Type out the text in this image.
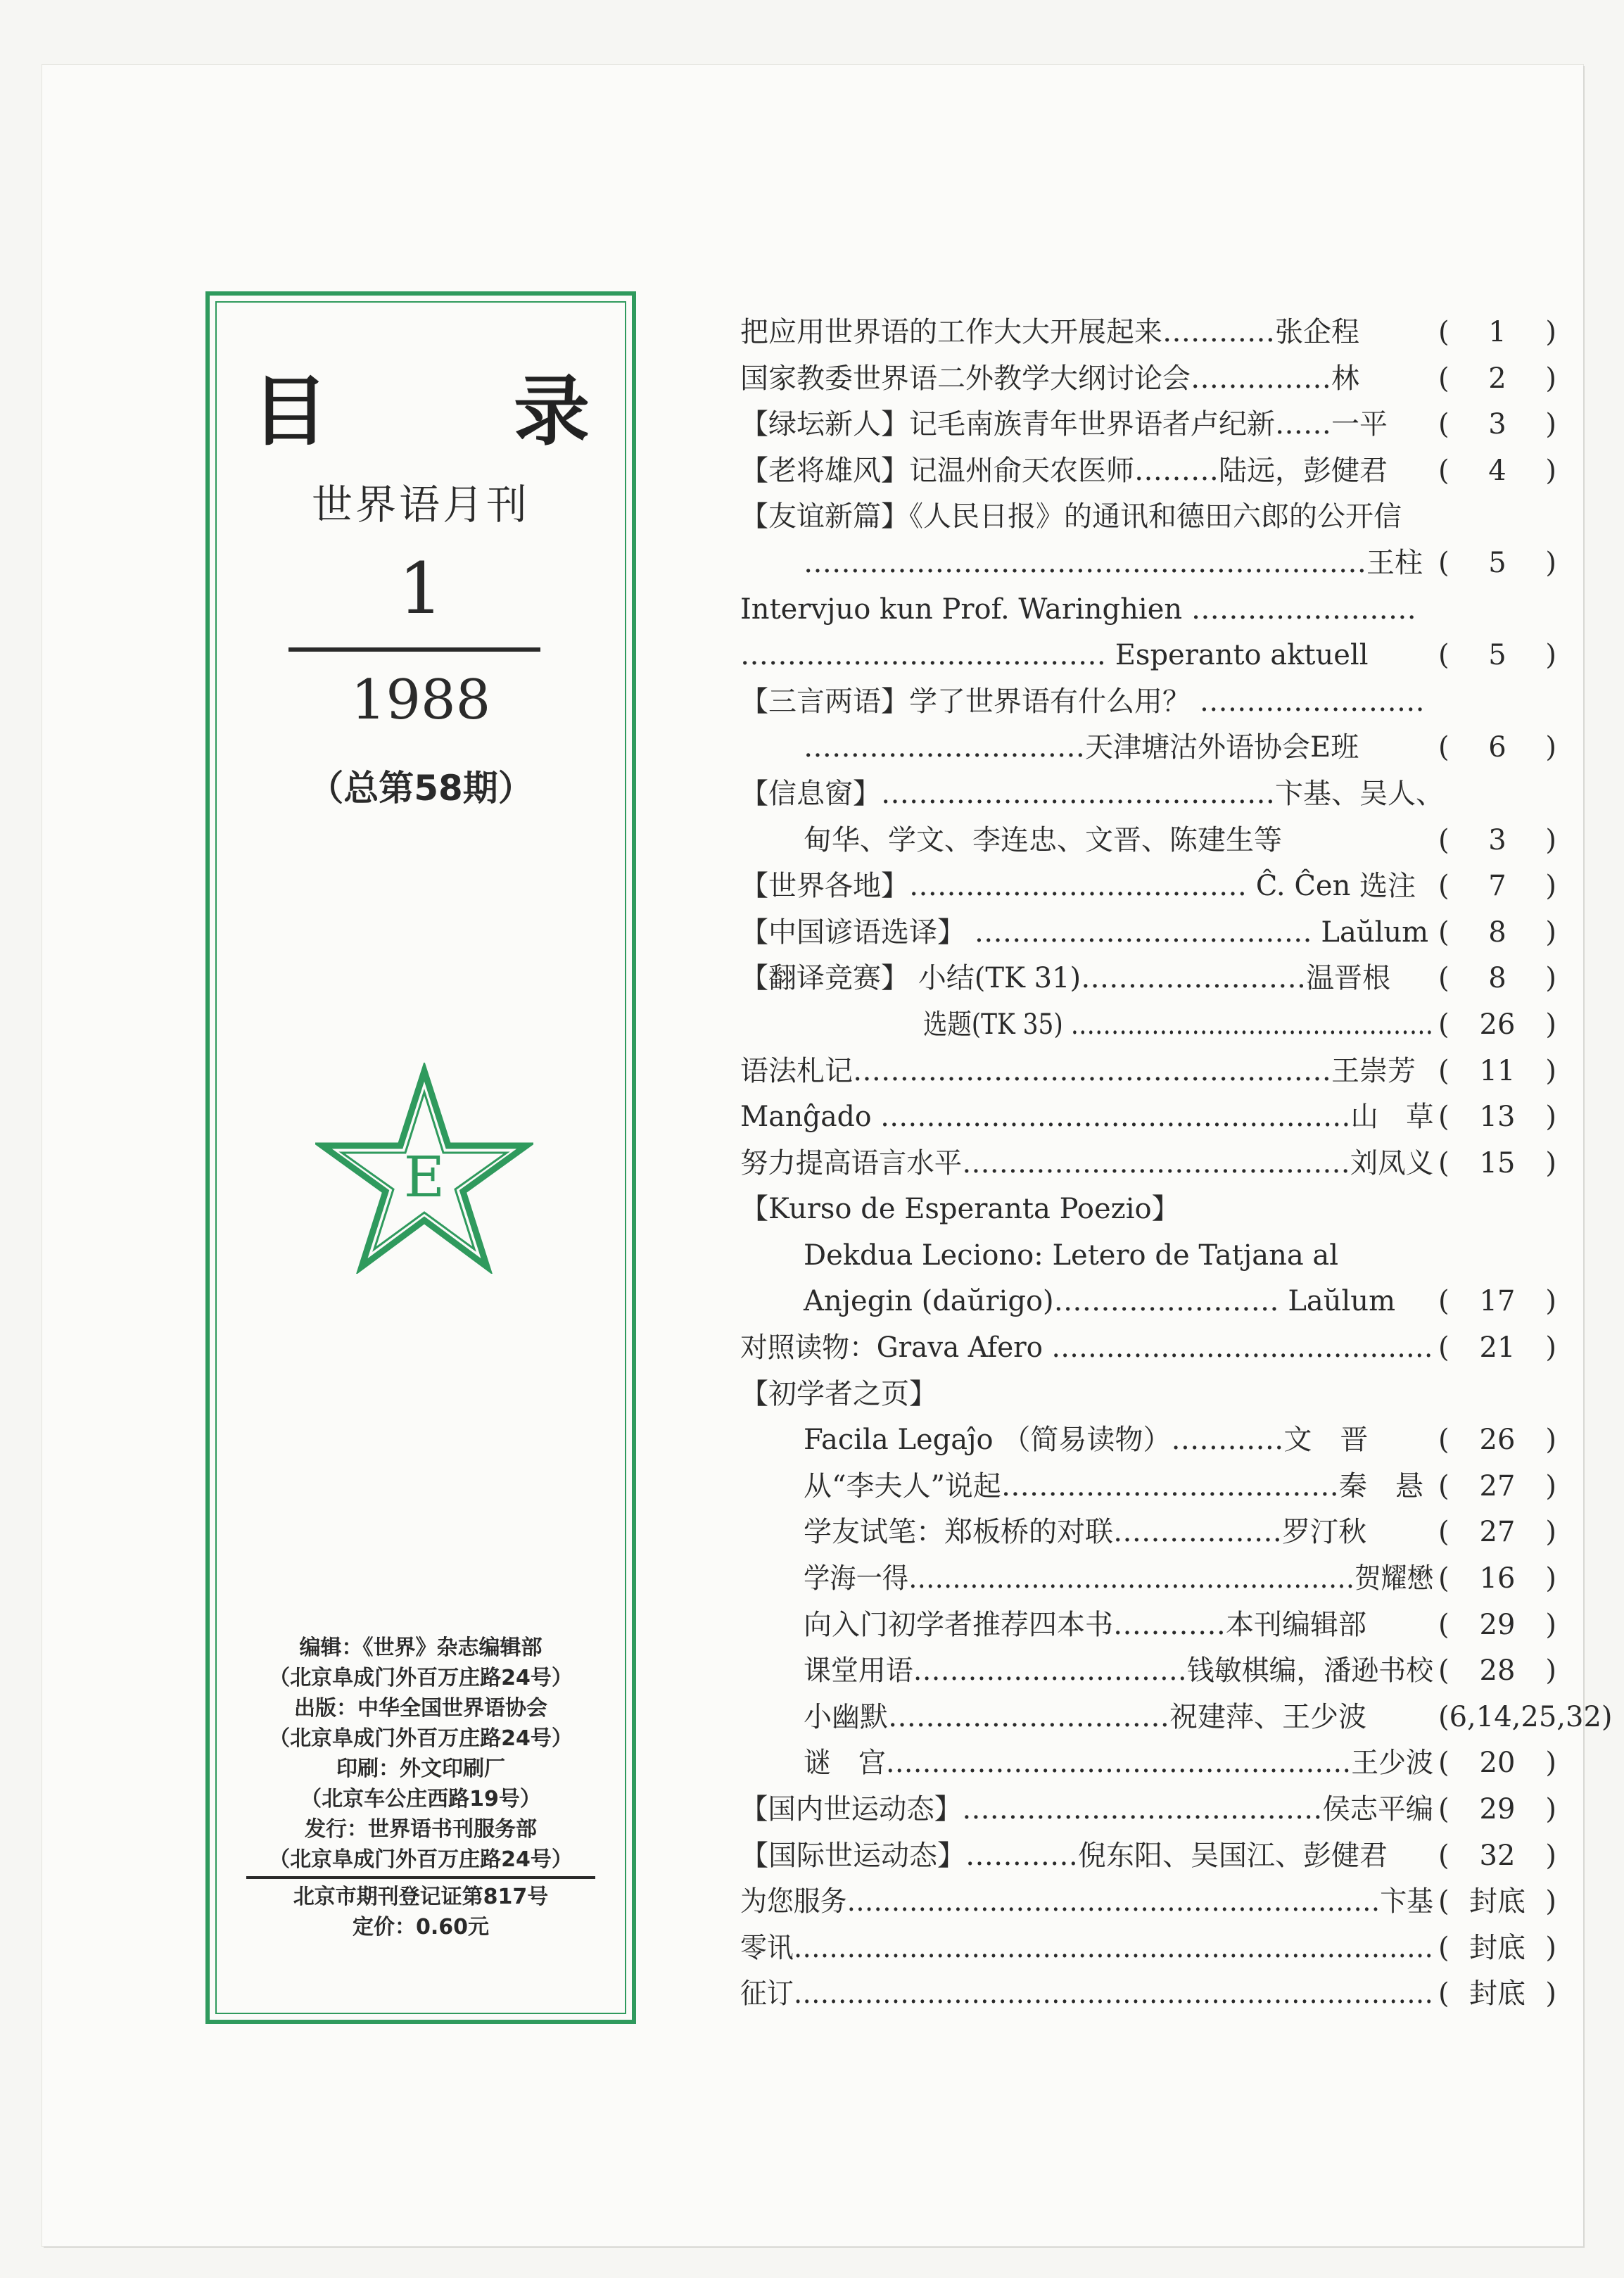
目 录
世界语月刊
1
1988
（总第58期）
E
编辑：《世界》杂志编辑部
（北京阜成门外百万庄路24号）
出版：中华全国世界语协会
（北京阜成门外百万庄路24号）
印刷：外文印刷厂
（北京车公庄西路19号）
发行：世界语书刊服务部
（北京阜成门外百万庄路24号）
北京市期刊登记证第817号
定价：0.60元
把应用世界语的工作大大开展起来…………张企程	(	1	)
国家教委世界语二外教学大纲讨论会……………林	(	2	)
【绿坛新人】记毛南族青年世界语者卢纪新……一平 (	3	)
【老将雄风】记温州俞天农医师………陆远，彭健君 (	4	)
【友谊新篇】《人民日报》的通讯和德田六郎的公开信
……………………………………………………王柱 (	5	)
Intervjuo kun Prof. Waringhien ……………………
………………………………… Esperanto aktuell (	5	)
【三言两语】学了世界语有什么用？ ……………………
…………………………天津塘沽外语协会E班	(	6	)
【信息窗】……………………………………卞基、吴人、
甸华、学文、李连忠、文晋、陈建生等	(	3	)
【世界各地】……………………………… Ĉ. Ĉen 选注 (	7	)
【中国谚语选译】 ……………………………… Laŭlum (	8	)
【翻译竞赛】 小结(TK 31)……………………温晋根 (	8	)
选题(TK 35) ……………………………………… (	26	)
语法札记……………………………………………王崇芳 (	11	)
Manĝado ……………………………………………山　草 (	13	)
努力提高语言水平……………………………………刘凤义 (	15	)
【Kurso de Esperanta Poezio】
Dekdua Leciono: Letero de Tatjana al
Anjegin (daŭrigo)…………………… Laŭlum (	17	)
对照读物：Grava Afero …………………………………… (	21	)
【初学者之页】
Facila Legaĵo （简易读物）…………文　晋 (	26	)
从“李夫人”说起………………………………秦　悬 (	27	)
学友试笔：郑板桥的对联………………罗汀秋	(	27	)
学海一得……………………………………………贺耀懋 (	16	)
向入门初学者推荐四本书…………本刊编辑部	(	29	)
课堂用语…………………………钱敏棋编，潘逊书校 (	28	)
小幽默…………………………祝建萍、王少波	( 6,14,25,32 )
谜　宫……………………………………………王少波 (	20	)
【国内世运动态】…………………………………侯志平编 (	29	)
【国际世运动态】…………倪东阳、吴国江、彭健君 (	32	)
为您服务……………………………………………………卞基 ( 封底 )
零讯……………………………………………………………… ( 封底 )
征订……………………………………………………………… ( 封底 )
